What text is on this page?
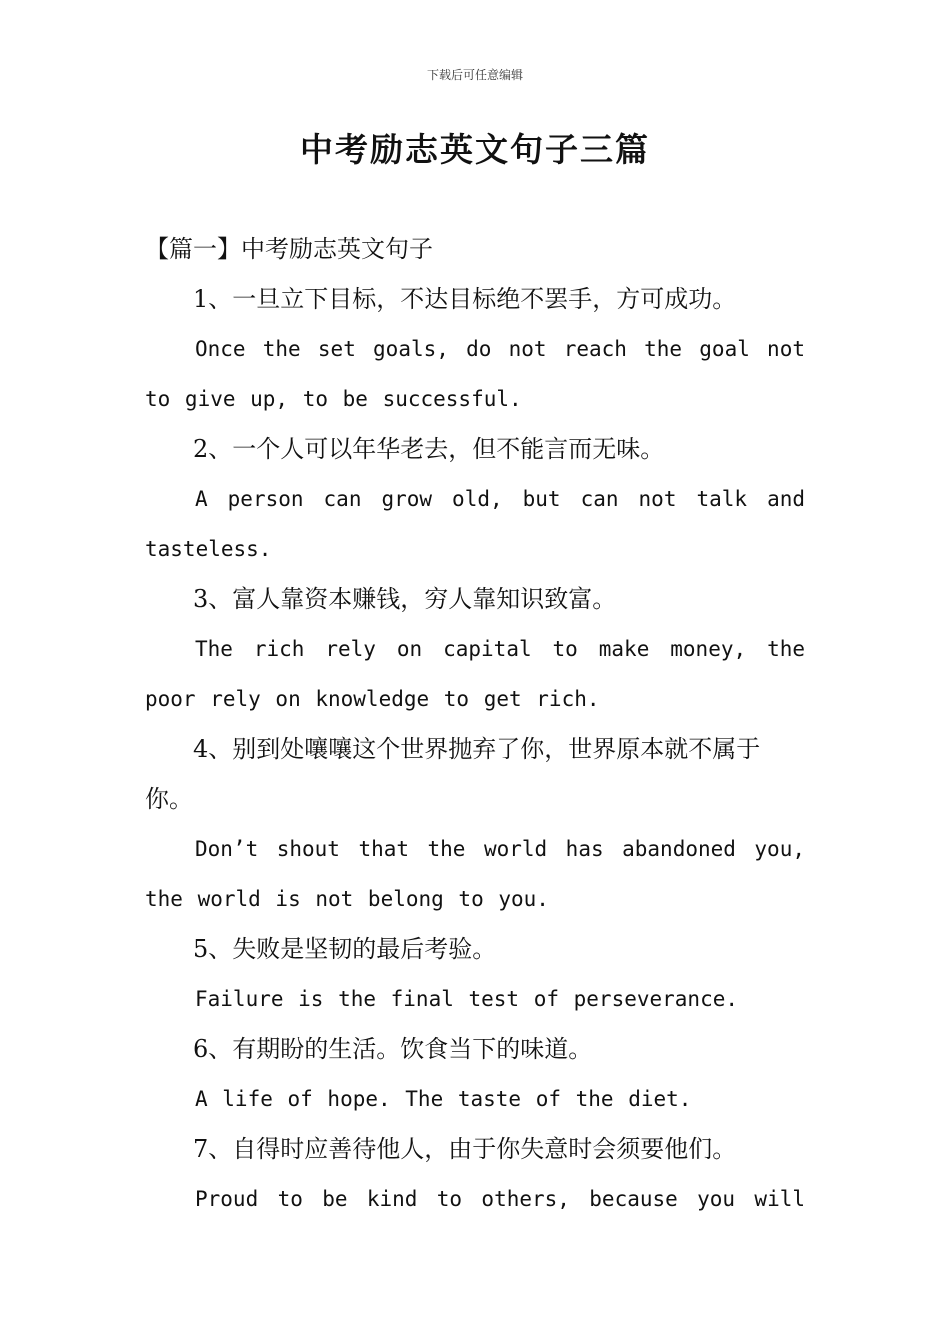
下载后可任意编辑
中考励志英文句子三篇
【篇一】中考励志英文句子

1、一旦立下目标，不达目标绝不罢手，方可成功。

Once the set goals, do not reach the goal not to give up, to be successful.

2、一个人可以年华老去，但不能言而无味。

A person can grow old, but can not talk and tasteless.

3、富人靠资本赚钱，穷人靠知识致富。

The rich rely on capital to make money, the poor rely on knowledge to get rich.

4、别到处嚷嚷这个世界抛弃了你，世界原本就不属于你。

Don’t shout that the world has abandoned you, the world is not belong to you.

5、失败是坚韧的最后考验。

Failure is the final test of perseverance.

6、有期盼的生活。饮食当下的味道。

A life of hope. The taste of the diet.

7、自得时应善待他人，由于你失意时会须要他们。

Proud to be kind to others, because you will
